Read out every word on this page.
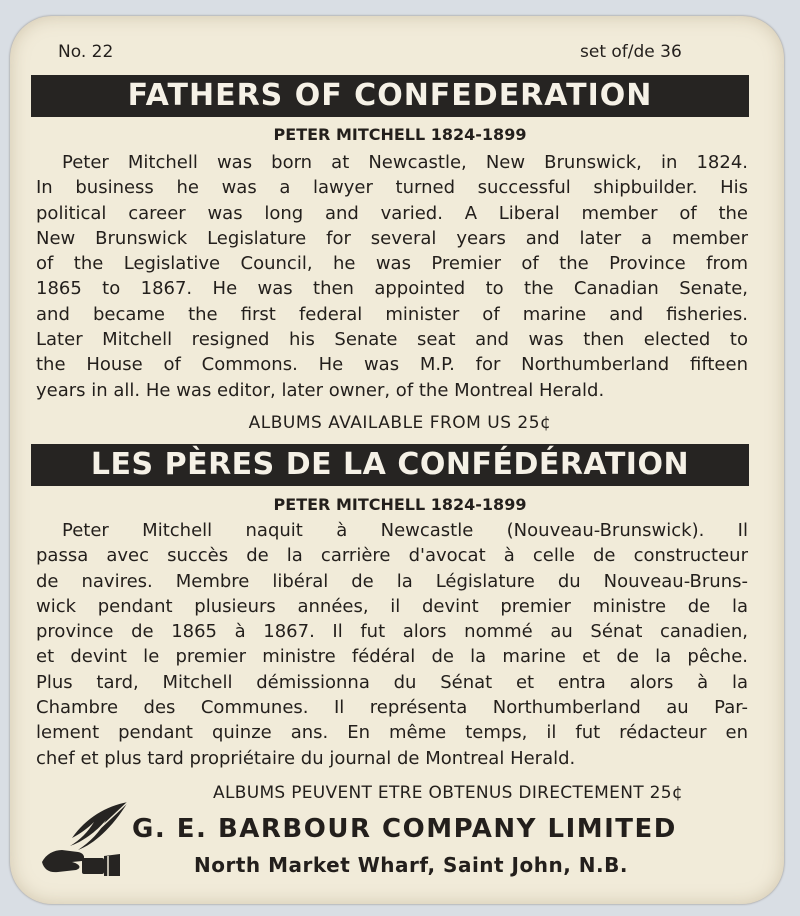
No. 22	set of/de 36
FATHERS OF CONFEDERATION
PETER MITCHELL 1824-1899
Peter Mitchell was born at Newcastle, New Brunswick, in 1824.
In business he was a lawyer turned successful shipbuilder. His
political career was long and varied. A Liberal member of the
New Brunswick Legislature for several years and later a member
of the Legislative Council, he was Premier of the Province from
1865 to 1867. He was then appointed to the Canadian Senate,
and became the first federal minister of marine and fisheries.
Later Mitchell resigned his Senate seat and was then elected to
the House of Commons. He was M.P. for Northumberland fifteen
years in all. He was editor, later owner, of the Montreal Herald.
ALBUMS AVAILABLE FROM US 25¢
LES PÈRES DE LA CONFÉDÉRATION
PETER MITCHELL 1824-1899
Peter Mitchell naquit à Newcastle (Nouveau-Brunswick). Il
passa avec succès de la carrière d'avocat à celle de constructeur
de navires. Membre libéral de la Législature du Nouveau-Bruns-
wick pendant plusieurs années, il devint premier ministre de la
province de 1865 à 1867. Il fut alors nommé au Sénat canadien,
et devint le premier ministre fédéral de la marine et de la pêche.
Plus tard, Mitchell démissionna du Sénat et entra alors à la
Chambre des Communes. Il représenta Northumberland au Par-
lement pendant quinze ans. En même temps, il fut rédacteur en
chef et plus tard propriétaire du journal de Montreal Herald.
ALBUMS PEUVENT ETRE OBTENUS DIRECTEMENT 25¢
G. E. BARBOUR COMPANY LIMITED
North Market Wharf, Saint John, N.B.
